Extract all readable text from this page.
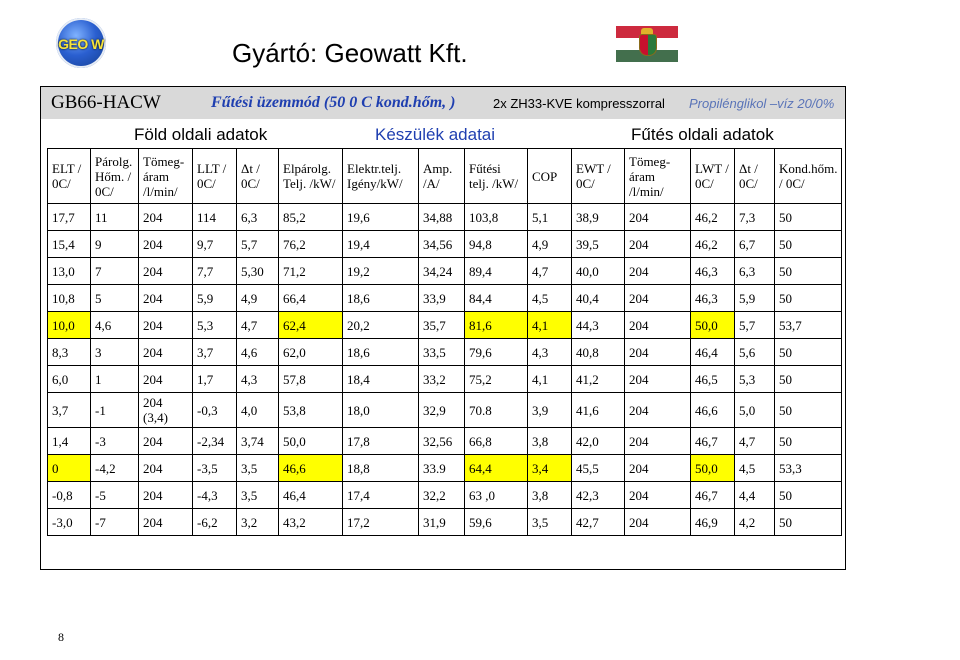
GEO W	Gyártó: Geowatt Kft.
GB66-HACW	Fűtési üzemmód (50 0 C kond.hőm, )	2x ZH33-KVE kompresszorral Propilénglikol –víz 20/0%
Föld oldali adatok	Készülék adatai	Fűtés oldali adatok
ELT / 0C/	Párolg. Hőm. / 0C/	Tömeg-áram /l/min/	LLT / 0C/	Δt / 0C/	Elpárolg. Telj. /kW/	Elektr.telj. Igény/kW/	Amp. /A/	Fűtési telj. /kW/	COP	EWT / 0C/	Tömeg-áram /l/min/	LWT / 0C/	Δt / 0C/	Kond.hőm. / 0C/
17,7	11	204	114	6,3	85,2	19,6	34,88	103,8	5,1	38,9	204	46,2	7,3	50
15,4	9	204	9,7	5,7	76,2	19,4	34,56	94,8	4,9	39,5	204	46,2	6,7	50
13,0	7	204	7,7	5,30	71,2	19,2	34,24	89,4	4,7	40,0	204	46,3	6,3	50
10,8	5	204	5,9	4,9	66,4	18,6	33,9	84,4	4,5	40,4	204	46,3	5,9	50
10,0	4,6	204	5,3	4,7	62,4	20,2	35,7	81,6	4,1	44,3	204	50,0	5,7	53,7
8,3	3	204	3,7	4,6	62,0	18,6	33,5	79,6	4,3	40,8	204	46,4	5,6	50
6,0	1	204	1,7	4,3	57,8	18,4	33,2	75,2	4,1	41,2	204	46,5	5,3	50
3,7	-1	204 (3,4)	-0,3	4,0	53,8	18,0	32,9	70.8	3,9	41,6	204	46,6	5,0	50
1,4	-3	204	-2,34	3,74	50,0	17,8	32,56	66,8	3,8	42,0	204	46,7	4,7	50
0	-4,2	204	-3,5	3,5	46,6	18,8	33.9	64,4	3,4	45,5	204	50,0	4,5	53,3
-0,8	-5	204	-4,3	3,5	46,4	17,4	32,2	63 ,0	3,8	42,3	204	46,7	4,4	50
-3,0	-7	204	-6,2	3,2	43,2	17,2	31,9	59,6	3,5	42,7	204	46,9	4,2	50
8
